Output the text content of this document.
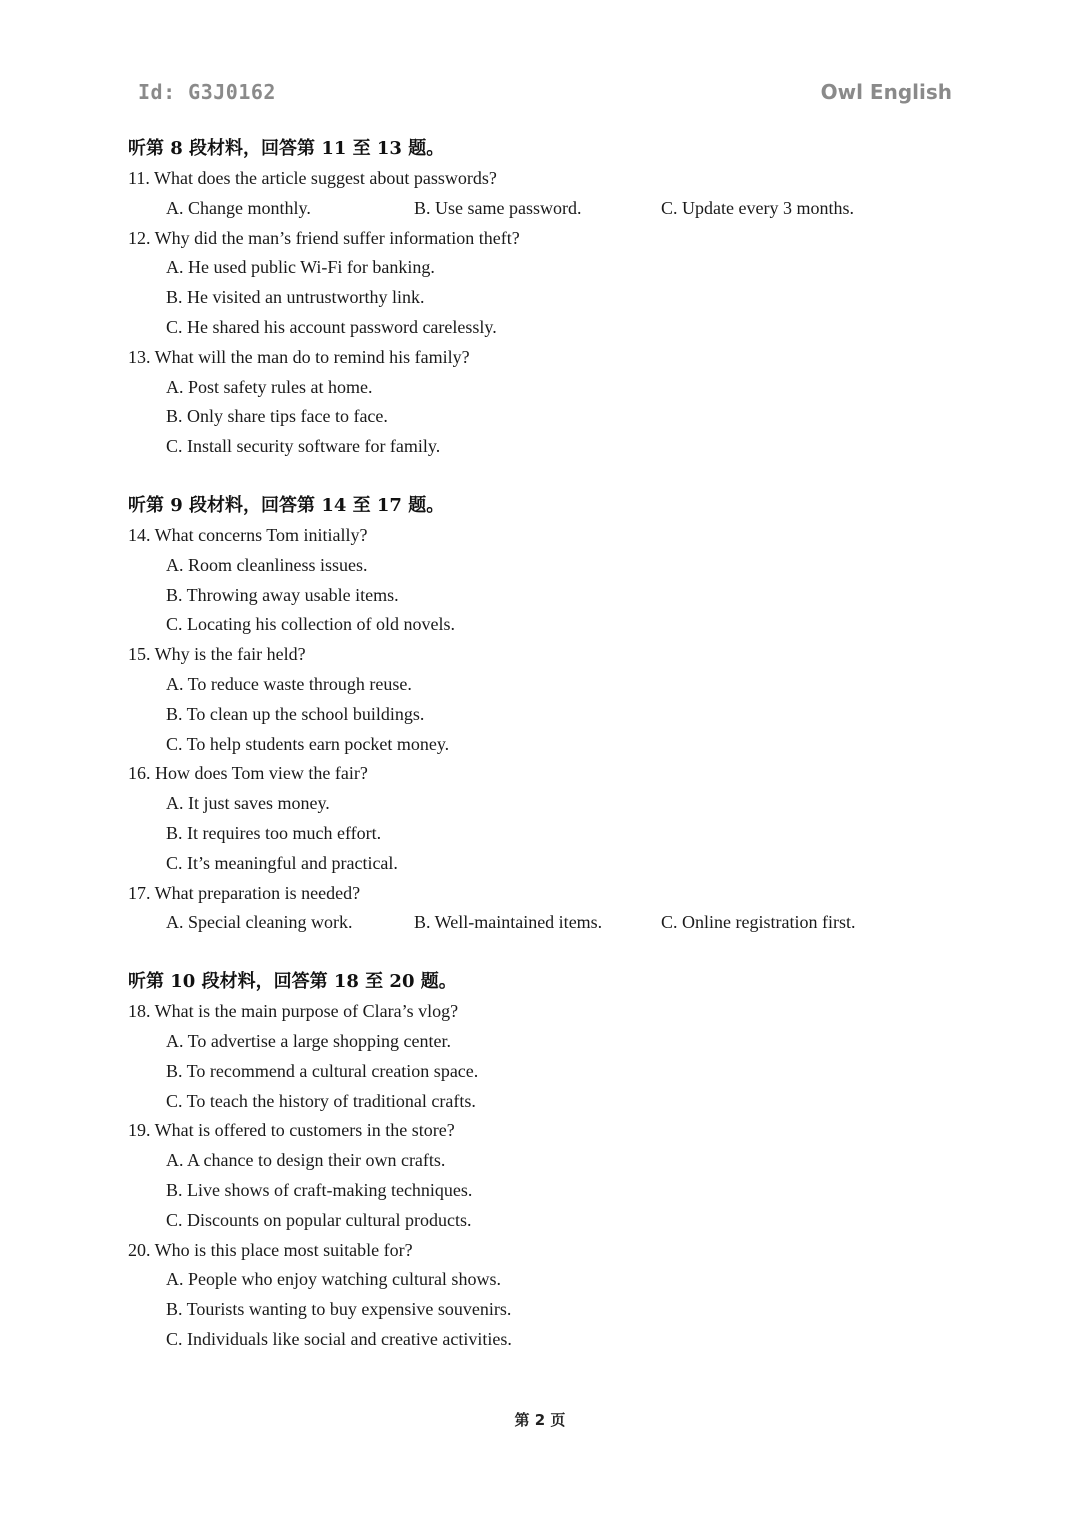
Id: G3J0162	Owl English
听第 8 段材料，回答第 11 至 13 题。
11. What does the article suggest about passwords?
A. Change monthly.	B. Use same password.	C. Update every 3 months.
12. Why did the man’s friend suffer information theft?
A. He used public Wi-Fi for banking.
B. He visited an untrustworthy link.
C. He shared his account password carelessly.
13. What will the man do to remind his family?
A. Post safety rules at home.
B. Only share tips face to face.
C. Install security software for family.
听第 9 段材料，回答第 14 至 17 题。
14. What concerns Tom initially?
A. Room cleanliness issues.
B. Throwing away usable items.
C. Locating his collection of old novels.
15. Why is the fair held?
A. To reduce waste through reuse.
B. To clean up the school buildings.
C. To help students earn pocket money.
16. How does Tom view the fair?
A. It just saves money.
B. It requires too much effort.
C. It’s meaningful and practical.
17. What preparation is needed?
A. Special cleaning work.	B. Well-maintained items.	C. Online registration first.
听第 10 段材料，回答第 18 至 20 题。
18. What is the main purpose of Clara’s vlog?
A. To advertise a large shopping center.
B. To recommend a cultural creation space.
C. To teach the history of traditional crafts.
19. What is offered to customers in the store?
A. A chance to design their own crafts.
B. Live shows of craft-making techniques.
C. Discounts on popular cultural products.
20. Who is this place most suitable for?
A. People who enjoy watching cultural shows.
B. Tourists wanting to buy expensive souvenirs.
C. Individuals like social and creative activities.
第 2 页
